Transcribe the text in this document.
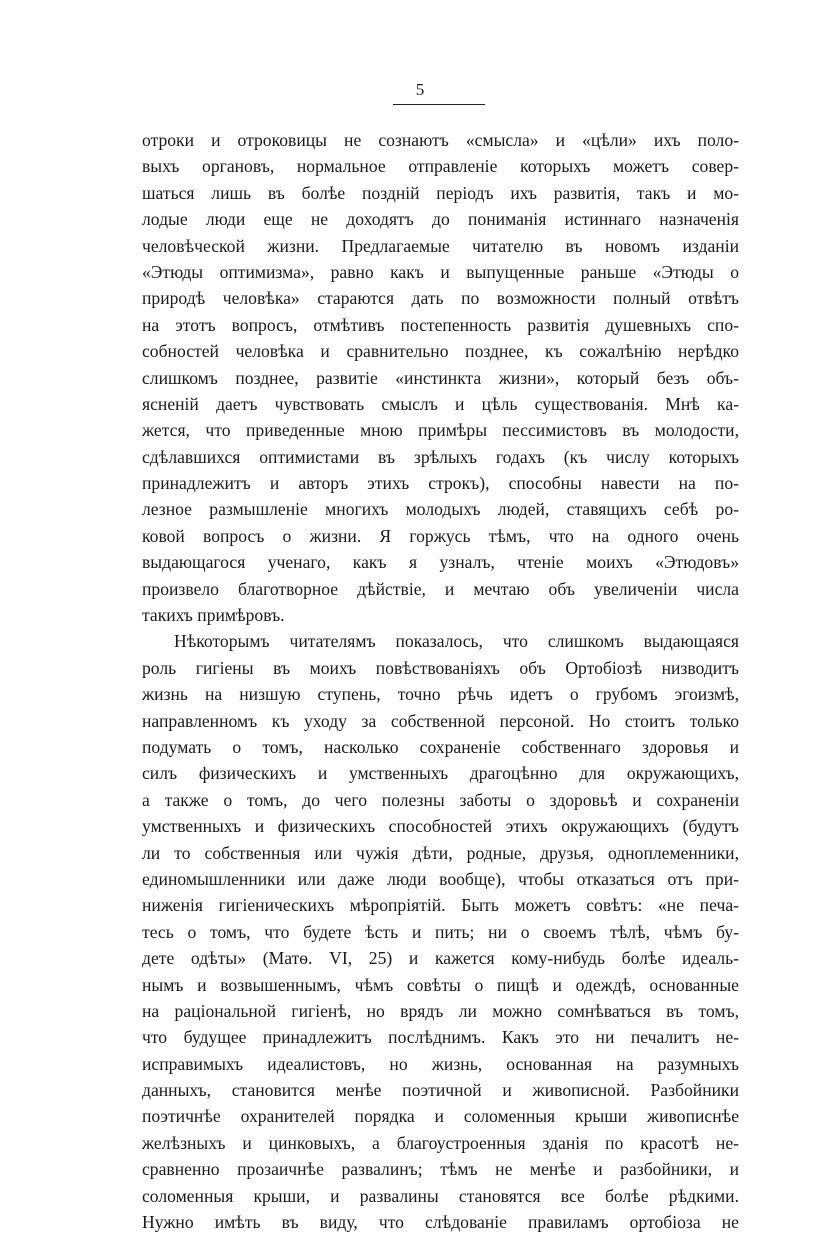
5
отроки и отроковицы не сознаютъ «смысла» и «цѣли» ихъ поло-
выхъ органовъ, нормальное отправленіе которыхъ можетъ совер-
шаться лишь въ болѣе поздній періодъ ихъ развитія, такъ и мо-
лодые люди еще не доходятъ до пониманія истиннаго назначенія
человѣческой жизни. Предлагаемые читателю въ новомъ изданіи
«Этюды оптимизма», равно какъ и выпущенные раньше «Этюды о
природѣ человѣка» стараются дать по возможности полный отвѣтъ
на этотъ вопросъ, отмѣтивъ постепенность развитія душевныхъ спо-
собностей человѣка и сравнительно позднее, къ сожалѣнію нерѣдко
слишкомъ позднее, развитіе «инстинкта жизни», который безъ объ-
ясненій даетъ чувствовать смыслъ и цѣль существованія. Мнѣ ка-
жется, что приведенные мною примѣры пессимистовъ въ молодости,
сдѣлавшихся оптимистами въ зрѣлыхъ годахъ (къ числу которыхъ
принадлежитъ и авторъ этихъ строкъ), способны навести на по-
лезное размышленіе многихъ молодыхъ людей, ставящихъ себѣ ро-
ковой вопросъ о жизни. Я горжусь тѣмъ, что на одного очень
выдающагося ученаго, какъ я узналъ, чтеніе моихъ «Этюдовъ»
произвело благотворное дѣйствіе, и мечтаю объ увеличеніи числа
такихъ примѣровъ.
Нѣкоторымъ читателямъ показалось, что слишкомъ выдающаяся
роль гигіены въ моихъ повѣствованіяхъ объ Ортобіозѣ низводитъ
жизнь на низшую ступень, точно рѣчь идетъ о грубомъ эгоизмѣ,
направленномъ къ уходу за собственной персоной. Но стоитъ только
подумать о томъ, насколько сохраненіе собственнаго здоровья и
силъ физическихъ и умственныхъ драгоцѣнно для окружающихъ,
а также о томъ, до чего полезны заботы о здоровьѣ и сохраненіи
умственныхъ и физическихъ способностей этихъ окружающихъ (будутъ
ли то собственныя или чужія дѣти, родные, друзья, одноплеменники,
единомышленники или даже люди вообще), чтобы отказаться отъ при-
ниженія гигіеническихъ мѣропріятій. Быть можетъ совѣтъ: «не печа-
тесь о томъ, что будете ѣсть и пить; ни о своемъ тѣлѣ, чѣмъ бу-
дете одѣты» (Матѳ. VI, 25) и кажется кому-нибудь болѣе идеаль-
нымъ и возвышеннымъ, чѣмъ совѣты о пищѣ и одеждѣ, основанные
на раціональной гигіенѣ, но врядъ ли можно сомнѣваться въ томъ,
что будущее принадлежитъ послѣднимъ. Какъ это ни печалитъ не-
исправимыхъ идеалистовъ, но жизнь, основанная на разумныхъ
данныхъ, становится менѣе поэтичной и живописной. Разбойники
поэтичнѣе охранителей порядка и соломенныя крыши живописнѣе
желѣзныхъ и цинковыхъ, а благоустроенныя зданія по красотѣ не-
сравненно прозаичнѣе развалинъ; тѣмъ не менѣе и разбойники, и
соломенныя крыши, и развалины становятся все болѣе рѣдкими.
Нужно имѣть въ виду, что слѣдованіе правиламъ ортобіоза не
